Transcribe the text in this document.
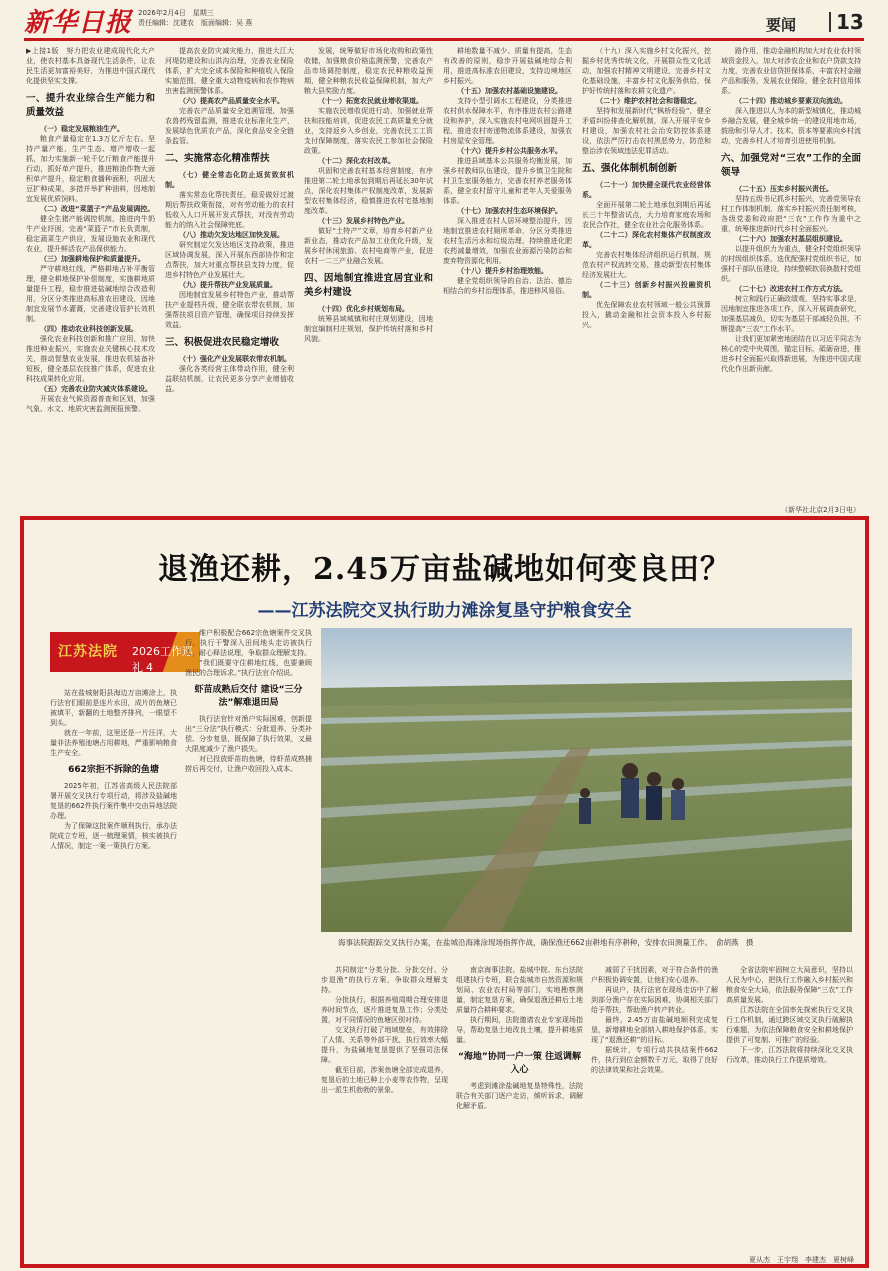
新华日报 2026年2月4日　星期三
责任编辑：沈建农　版面编辑：吴 燕	要闻 13

▶上接1版　努力把农业建成现代化大产业，使农村基本具备现代生活条件，让农民生活更加富裕美好，为推进中国式现代化提供坚实支撑。

一、提升农业综合生产能力和质量效益

（一）稳定发展粮油生产。

粮食产量稳定在1.3万亿斤左右。坚持产量产能、生产生态、增产增收一起抓，加力实施新一轮千亿斤粮食产能提升行动，抓好单产提升，推进粮油作物大面积单产提升，稳定粮食播种面积，巩固大豆扩种成果，多措并举扩种油料，因地制宜发展优质饲料。

（二）改进“菜篮子”产品发展调控。

健全生猪产能调控机制，推进肉牛奶牛产业纾困，完善“菜篮子”市长负责制，稳定蔬菜生产供应，发展设施农业和现代农业，提升鲜活农产品保供能力。

（三）加强耕地保护和质量提升。

严守耕地红线，严格耕地占补平衡管理，健全耕地保护补偿制度，实施耕地质量提升工程，稳步推进盐碱地综合改造利用，分区分类推进高标准农田建设，因地制宜发展节水灌溉，完善建设管护长效机制。

（四）推动农业科技创新发展。

强化农业科技创新和推广应用，加快推进种业振兴，实施农业关键核心技术攻关，推动智慧农业发展，推进农机装备补短板，健全基层农技推广体系，促进农业科技成果转化应用。

（五）完善农业防灾减灾体系建设。

开展农业气候资源普查和区划，加强气象、水文、地质灾害监测预报预警。

提高农业防灾减灾能力，推进大江大河堤防建设和山洪沟治理，完善农业保险体系，扩大完全成本保险和种植收入保险实施范围，健全重大动物疫病和农作物病虫害监测预警体系。

（六）提高农产品质量安全水平。

完善农产品质量安全追溯管理，加强农兽药残留监测，推进农业标准化生产，发展绿色优质农产品，深化食品安全全链条监管。

二、实施常态化精准帮扶

（七）健全常态化防止返贫致贫机制。

落实常态化帮扶责任，稳妥做好过渡期后帮扶政策衔接，对有劳动能力的农村低收入人口开展开发式帮扶，对没有劳动能力的纳入社会保障兜底。

（八）推动欠发达地区加快发展。

研究制定欠发达地区支持政策，推进区域协调发展，深入开展东西部协作和定点帮扶，加大对重点帮扶县支持力度，促进乡村特色产业发展壮大。

（九）提升帮扶产业发展质量。

因地制宜发展乡村特色产业，推动帮扶产业提档升级，健全联农带农机制，加强帮扶项目资产管理，确保项目持续发挥效益。

三、积极促进农民稳定增收

（十）强化产业发展联农带农机制。

强化各类经营主体带动作用，健全利益联结机制，让农民更多分享产业增值收益。

发展，统筹做好市场化收购和政策性收储，加强粮食价格监测预警，完善农产品市场调控制度，稳定农民种粮收益预期，健全种粮农民收益保障机制，加大产粮大县奖励力度。

（十一）拓宽农民就业增收渠道。

实施农民增收促进行动，加强就业帮扶和技能培训，促进农民工高质量充分就业，支持返乡入乡创业，完善农民工工资支付保障制度，落实农民工参加社会保险政策。

（十二）深化农村改革。

巩固和完善农村基本经营制度，有序推进第二轮土地承包到期后再延长30年试点，深化农村集体产权制度改革，发展新型农村集体经济，稳慎推进农村宅基地制度改革。

（十三）发展乡村特色产业。

做好“土特产”文章，培育乡村新产业新业态，推动农产品加工业优化升级，发展乡村休闲旅游、农村电商等产业，促进农村一二三产业融合发展。

四、因地制宜推进宜居宜业和美乡村建设

（十四）优化乡村规划布局。

统筹县域城镇和村庄规划建设，因地制宜编制村庄规划，保护传统村落和乡村风貌。

耕地数量不减少、质量有提高，生态有改善的原则，稳步开展盐碱地综合利用，推进高标准农田建设，支持边境地区乡村振兴。

（十五）加强农村基础设施建设。

支持小型引调水工程建设，分类推进农村供水保障水平，有序推进农村公路建设和养护，深入实施农村电网巩固提升工程，推进农村寄递物流体系建设，加强农村房屋安全管理。

（十六）提升乡村公共服务水平。

推进县域基本公共服务均衡发展，加强乡村教师队伍建设，提升乡镇卫生院和村卫生室服务能力，完善农村养老服务体系，健全农村留守儿童和老年人关爱服务体系。

（十七）加强农村生态环境保护。

深入推进农村人居环境整治提升，因地制宜推进农村厕所革命，分区分类推进农村生活污水和垃圾治理，持续推进化肥农药减量增效，加强农业面源污染防治和废弃物资源化利用。

（十八）提升乡村治理效能。

健全党组织领导的自治、法治、德治相结合的乡村治理体系，推进移风易俗。

（十九）深入实施乡村文化振兴，挖掘乡村优秀传统文化，开展群众性文化活动，加强农村精神文明建设，完善乡村文化基础设施，丰富乡村文化服务供给，保护好传统村落和农耕文化遗产。

（二十）维护农村社会和谐稳定。

坚持和发展新时代“枫桥经验”，健全矛盾纠纷排查化解机制，深入开展平安乡村建设，加强农村社会治安防控体系建设，依法严厉打击农村黑恶势力，防范和整治涉农领域违法犯罪活动。

五、强化体制机制创新

（二十一）加快健全现代农业经营体系。

全面开展第二轮土地承包到期后再延长三十年整省试点，大力培育家庭农场和农民合作社，健全农业社会化服务体系。

（二十二）深化农村集体产权制度改革。

完善农村集体经济组织运行机制，规范农村产权流转交易，推动新型农村集体经济发展壮大。

（二十三）创新乡村振兴投融资机制。

优先保障农业农村领域一般公共预算投入，撬动金融和社会资本投入乡村振兴。

路作用，推动金融机构加大对农业农村领域资金投入，加大对涉农企业和农户贷款支持力度，完善农业信贷担保体系，丰富农村金融产品和服务，发展农业保险，健全农村信用体系。

（二十四）推动城乡要素双向流动。

深入推进以人为本的新型城镇化，推动城乡融合发展，健全城乡统一的建设用地市场，鼓励和引导人才、技术、资本等要素向乡村流动，完善乡村人才培育引进使用机制。

六、加强党对“三农”工作的全面领导

（二十五）压实乡村振兴责任。

坚持五级书记抓乡村振兴，完善党领导农村工作体制机制，落实乡村振兴责任制考核，各级党委和政府把“三农”工作作为重中之重，统筹推进新时代乡村全面振兴。

（二十六）加强农村基层组织建设。

以提升组织力为重点，健全村党组织领导的村级组织体系，选优配强村党组织书记，加强村干部队伍建设，持续整顿软弱涣散村党组织。

（二十七）改进农村工作方式方法。

树立和践行正确政绩观，坚持实事求是，因地制宜推进各项工作，深入开展调查研究，加强基层减负，切实为基层干部减轻负担，不断提高“三农”工作水平。

让我们更加紧密地团结在以习近平同志为核心的党中央周围，锚定目标，砥砺奋进，推进乡村全面振兴取得新进展，为推进中国式现代化作出新贡献。

（新华社北京2月3日电）
退渔还耕，2.45万亩盐碱地如何变良田？
——江苏法院交叉执行助力滩涂复垦守护粮食安全
江苏法院 2026工作巡礼 4
海事法院跟踪交叉执行办案，在盐城沿海滩涂现场指挥作战，确保渔还662亩耕地有序耕种，安排农田测量工作。　俞胡燕　摄

站在盐城射阳县海边万亩滩涂上，执行法官们眼前是连片水田，成片的鱼塘已被填平，新翻的土地整齐排列，一眼望不到头。

就在一年前，这里还是一片汪洋，大量非法养殖池塘占用耕地，严重影响粮食生产安全。

662宗拒不拆除的鱼塘

2025年初，江苏省高级人民法院部署开展交叉执行专项行动，将涉及盐碱地复垦的662件执行案件集中交由异地法院办理。

为了保障这批案件顺利执行，承办法院成立专班，逐一梳理案情，核实被执行人情况，制定一案一策执行方案。

维户积极配合662宗鱼塘案件交叉执行，执行干警深入田间地头走访被执行人，耐心释法说理，争取群众理解支持。

“我们既要守住耕地红线，也要兼顾渔民的合理诉求。”执行法官介绍说。

虾苗成熟后交付 建设“三分法”解难退田局

执行法官针对渔户实际困难，创新提出“三分法”执行模式：分批退养、分类补偿、分步复垦，既保障了执行效果，又最大限度减少了渔户损失。

对已投放虾苗的鱼塘，待虾苗成熟捕捞后再交付，让渔户收回投入成本。

共同制定“分类分批、分批交付、分步退渔”的执行方案，争取群众理解支持。

分批执行，根据养殖周期合理安排退养时间节点，逐片推进复垦工作；分类处置，对不同情况的鱼塘区别对待。

交叉执行打破了地域壁垒，有效排除了人情、关系等外部干扰，执行效率大幅提升，为盐碱地复垦提供了坚强司法保障。

截至目前，涉案鱼塘全部完成退养，复垦后的土地已种上小麦等农作物，呈现出一派生机勃勃的景象。

南京海事法院、盐城中院、东台法院组建执行专班，联合盐城市自然资源和规划局、农业农村局等部门，实地勘察测量，制定复垦方案，确保退渔还耕后土地质量符合耕种要求。

执行期间，法院邀请农业专家现场指导，帮助复垦土地改良土壤，提升耕地质量。

“海地”协同一户一策 往返调解入心

考虑到滩涂盐碱地复垦特殊性，法院联合有关部门逐户走访，倾听诉求，调解化解矛盾。

减弱了干扰因素，对于符合条件的渔户积极协调安置，让他们安心退养。

再说户，执行法官在现场走访中了解到部分渔户存在实际困难，协调相关部门给予帮扶，帮助渔户转产转业。

最终，2.45万亩盐碱地顺利完成复垦，新增耕地全部纳入耕地保护体系，实现了“退渔还耕”的目标。

据统计，专项行动共执结案件662件，执行到位金额数千万元，取得了良好的法律效果和社会效果。

全省法院牢固树立大局意识，坚持以人民为中心，把执行工作融入乡村振兴和粮食安全大局，依法服务保障“三农”工作高质量发展。

江苏法院在全国率先探索执行交叉执行工作机制，通过跨区域交叉执行破解执行难题，为依法保障粮食安全和耕地保护提供了可复制、可推广的经验。

下一步，江苏法院将持续深化交叉执行改革，推动执行工作提质增效。

夏从杰　王宇翔　李建杰　夏树峰
